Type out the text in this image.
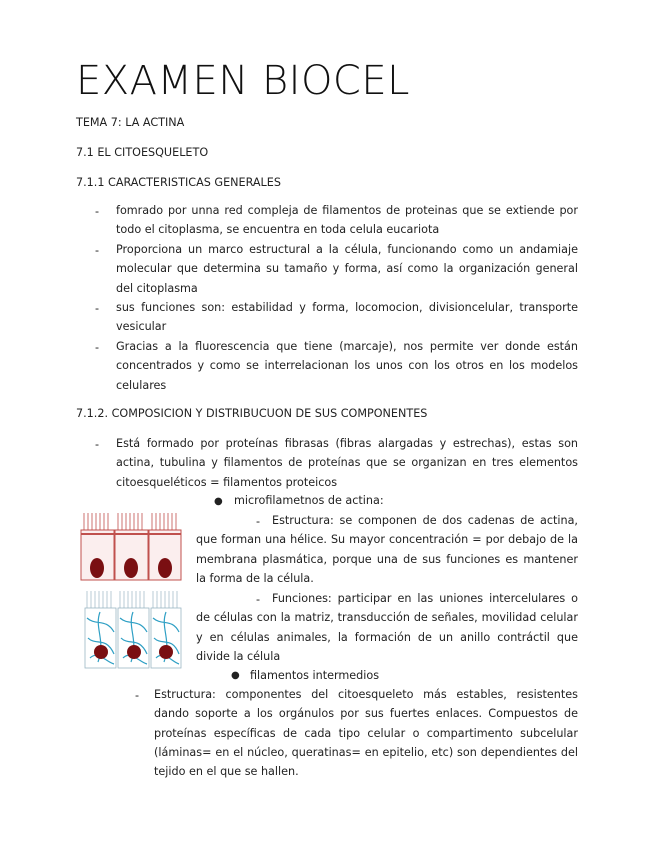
EXAMEN BIOCEL
TEMA 7: LA ACTINA
7.1 EL CITOESQUELETO
7.1.1 CARACTERISTICAS GENERALES
- fomrado por unna red compleja de filamentos de proteinas que se extiende por todo el citoplasma, se encuentra en toda celula eucariota
- Proporciona un marco estructural a la célula, funcionando como un andamiaje molecular que determina su tamaño y forma, así como la organización general del citoplasma
- sus funciones son: estabilidad y forma, locomocion, divisioncelular, transporte vesicular
- Gracias a la fluorescencia que tiene (marcaje), nos permite ver donde están concentrados y como se interrelacionan los unos con los otros en los modelos celulares
7.1.2. COMPOSICION Y DISTRIBUCUON DE SUS COMPONENTES
- Está formado por proteínas fibrasas (fibras alargadas y estrechas), estas son actina, tubulina y filamentos de proteínas que se organizan en tres elementos citoesqueléticos = filamentos proteicos
● microfilametnos de actina:
-	Estructura: se componen de dos cadenas de actina, que forman una hélice. Su mayor concentración = por debajo de la membrana plasmática, porque una de sus funciones es mantener la forma de la célula.
-	Funciones: participar en las uniones intercelulares o de células con la matriz, transducción de señales, movilidad celular y en células animales, la formación de un anillo contráctil que divide la célula
● filamentos intermedios
- Estructura: componentes del citoesqueleto más estables, resistentes dando soporte a los orgánulos por sus fuertes enlaces. Compuestos de proteínas específicas de cada tipo celular o compartimento subcelular (láminas= en el núcleo, queratinas= en epitelio, etc) son dependientes del tejido en el que se hallen.
